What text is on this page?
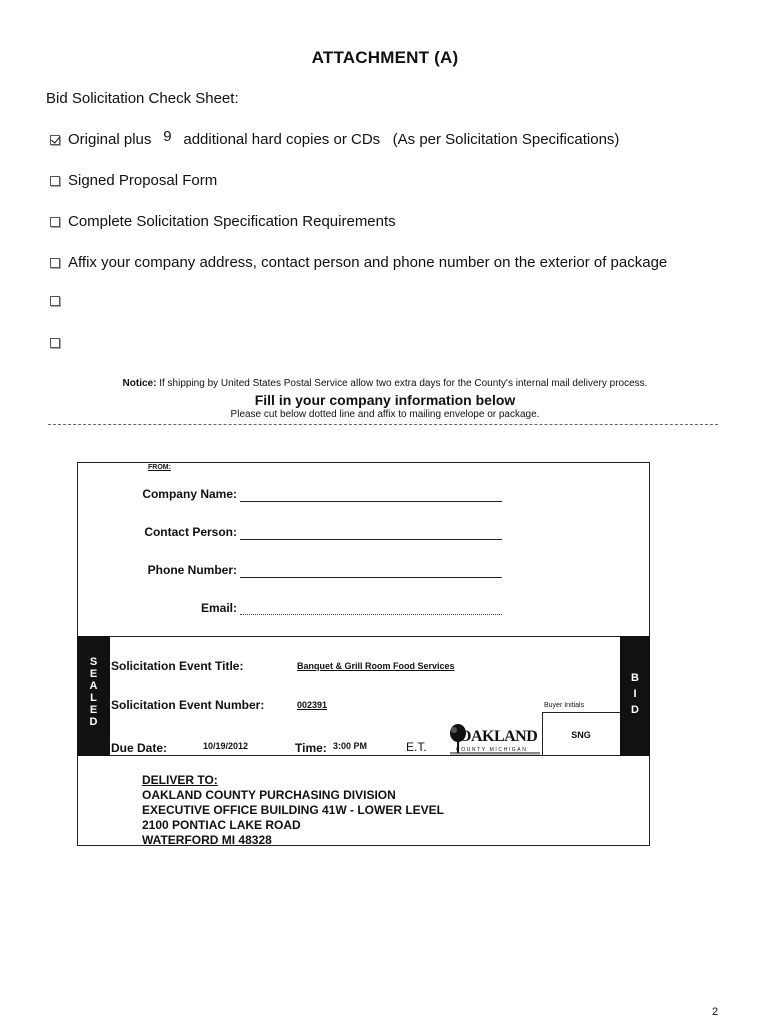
ATTACHMENT (A)
Bid Solicitation Check Sheet:
Original plus 9 additional hard copies or CDs   (As per Solicitation Specifications)
Signed Proposal Form
Complete Solicitation Specification Requirements
Affix your company address, contact person and phone number on the exterior of package
Notice: If shipping by United States Postal Service allow two extra days for the County's internal mail delivery process.
Fill in your company information below
Please cut below dotted line and affix to mailing envelope or package.
FROM:
Company Name:
Contact Person:
Phone Number:
Email:
S
E
A
L
E
D
B
I
D
Solicitation Event Title:	Banquet & Grill Room Food Services
Solicitation Event Number:	002391	Buyer Initials
SNG
Due Date:	10/19/2012	Time: 3:00 PM	E.T.
OAKLAND
COUNTY MICHIGAN
DELIVER TO:
OAKLAND COUNTY PURCHASING DIVISION
EXECUTIVE OFFICE BUILDING 41W - LOWER LEVEL
2100 PONTIAC LAKE ROAD
WATERFORD MI 48328
2
